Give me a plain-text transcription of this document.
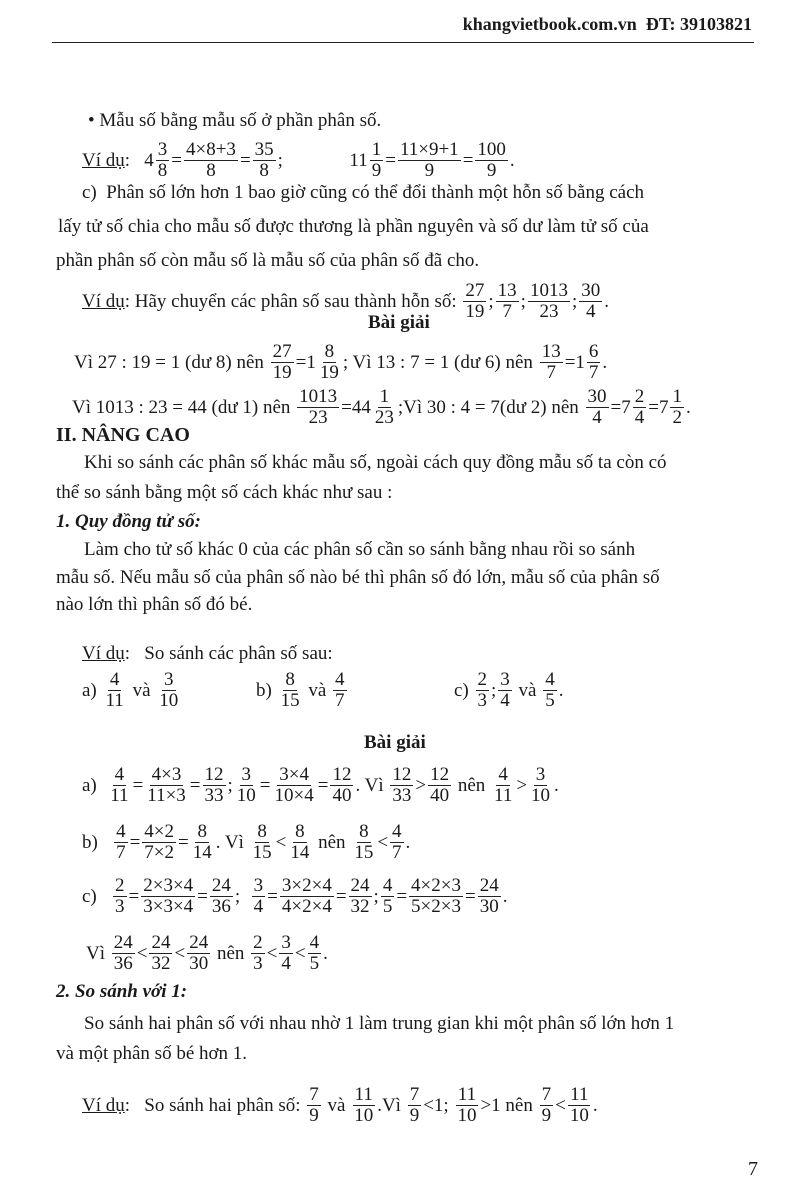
khangvietbook.com.vn ĐT: 39103821
• Mẫu số bằng mẫu số ở phần phân số.
Ví dụ :   $4 \frac{3}{8} = \frac{4\times 8+3}{8} = \frac{35}{8}$ ;              $11 \frac{1}{9} = \frac{11\times 9+1}{9} = \frac{100}{9}$ .
c)  Phân số lớn hơn 1 bao giờ cũng có thể đổi thành một hỗn số bằng cách
lấy tử số chia cho mẫu số được thương là phần nguyên và số dư làm tử số của
phần phân số còn mẫu số là mẫu số của phân số đã cho.
Ví dụ : Hãy chuyển các phân số sau thành hỗn số: $\frac{27}{19}$ ; $\frac{13}{7}$ ; $\frac{1013}{23}$ ; $\frac{30}{4}$ .
Bài giải
Vì 27 : 19 = 1 (dư 8) nên $\frac{27}{19} =1 \frac{8}{19}$ ; Vì 13 : 7 = 1 (dư 6) nên $\frac{13}{7} =1 \frac{6}{7}$ .
Vì 1013 : 23 = 44 (dư 1) nên $\frac{1013}{23} =44 \frac{1}{23}$ ;Vì 30 : 4 = 7(dư 2) nên $\frac{30}{4} =7 \frac{2}{4} =7 \frac{1}{2}$ .
II. NÂNG CAO
Khi so sánh các phân số khác mẫu số, ngoài cách quy đồng mẫu số ta còn có
thể so sánh bằng một số cách khác như sau :
1. Quy đồng tử số:
Làm cho tử số khác 0 của các phân số cần so sánh bằng nhau rồi so sánh
mẫu số. Nếu mẫu số của phân số nào bé thì phân số đó lớn, mẫu số của phân số
nào lớn thì phân số đó bé.
Ví dụ :   So sánh các phân số sau:
$a) \frac{4}{11}$ và $\frac{3}{10}$	$b) \frac{8}{15}$ và $\frac{4}{7}$	$c) \frac{2}{3}$ ; $\frac{3}{4}$ và $\frac{4}{5}$ .
Bài giải
$a) \frac{4}{11} = \frac{4\times 3}{11\times 3} = \frac{12}{33}$ ; $\frac{3}{10} = \frac{3\times 4}{10\times 4} = \frac{12}{40}$ . Vì $\frac{12}{33} > \frac{12}{40}$ nên $\frac{4}{11} > \frac{3}{10}$ .
$b) \frac{4}{7} = \frac{4\times 2}{7\times 2} = \frac{8}{14}$ . Vì $\frac{8}{15} < \frac{8}{14}$ nên $\frac{8}{15} < \frac{4}{7}$ .
$c) \frac{2}{3} = \frac{2\times 3\times 4}{3\times 3\times 4} = \frac{24}{36}$ ; $\frac{3}{4} = \frac{3\times 2\times 4}{4\times 2\times 4} = \frac{24}{32}$ ; $\frac{4}{5} = \frac{4\times 2\times 3}{5\times 2\times 3} = \frac{24}{30}$ .
Vì $\frac{24}{36} < \frac{24}{32} < \frac{24}{30}$ nên $\frac{2}{3} < \frac{3}{4} < \frac{4}{5}$ .
2. So sánh với 1:
So sánh hai phân số với nhau nhờ 1 làm trung gian khi một phân số lớn hơn 1
và một phân số bé hơn 1.
Ví dụ :   So sánh hai phân số: $\frac{7}{9}$ và $\frac{11}{10}$ .Vì $\frac{7}{9} <1$; $\frac{11}{10} >1$ nên $\frac{7}{9} < \frac{11}{10}$ .
7
